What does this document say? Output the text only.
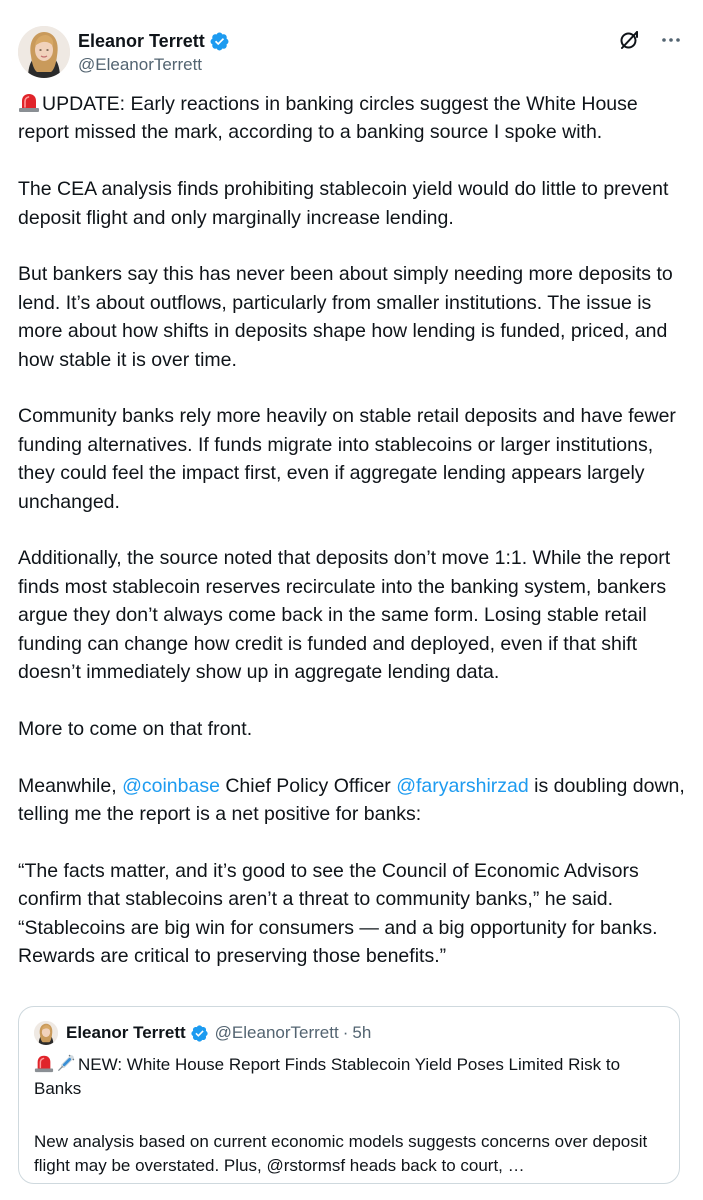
Eleanor Terrett
@EleanorTerrett

UPDATE: Early reactions in banking circles suggest the White House report missed the mark, according to a banking source I spoke with.

The CEA analysis finds prohibiting stablecoin yield would do little to prevent deposit flight and only marginally increase lending.

But bankers say this has never been about simply needing more deposits to lend. It’s about outflows, particularly from smaller institutions. The issue is more about how shifts in deposits shape how lending is funded, priced, and how stable it is over time.

Community banks rely more heavily on stable retail deposits and have fewer funding alternatives. If funds migrate into stablecoins or larger institutions, they could feel the impact first, even if aggregate lending appears largely unchanged.

Additionally, the source noted that deposits don’t move 1:1. While the report finds most stablecoin reserves recirculate into the banking system, bankers argue they don’t always come back in the same form. Losing stable retail funding can change how credit is funded and deployed, even if that shift doesn’t immediately show up in aggregate lending data.

More to come on that front.

Meanwhile, @coinbase Chief Policy Officer @faryarshirzad is doubling down, telling me the report is a net positive for banks:

“The facts matter, and it’s good to see the Council of Economic Advisors confirm that stablecoins aren’t a threat to community banks,” he said. “Stablecoins are big win for consumers — and a big opportunity for banks. Rewards are critical to preserving those benefits.”

Eleanor Terrett @EleanorTerrett · 5h
NEW: White House Report Finds Stablecoin Yield Poses Limited Risk to Banks
New analysis based on current economic models suggests concerns over deposit flight may be overstated. Plus, @rstormsf heads back to court, …
